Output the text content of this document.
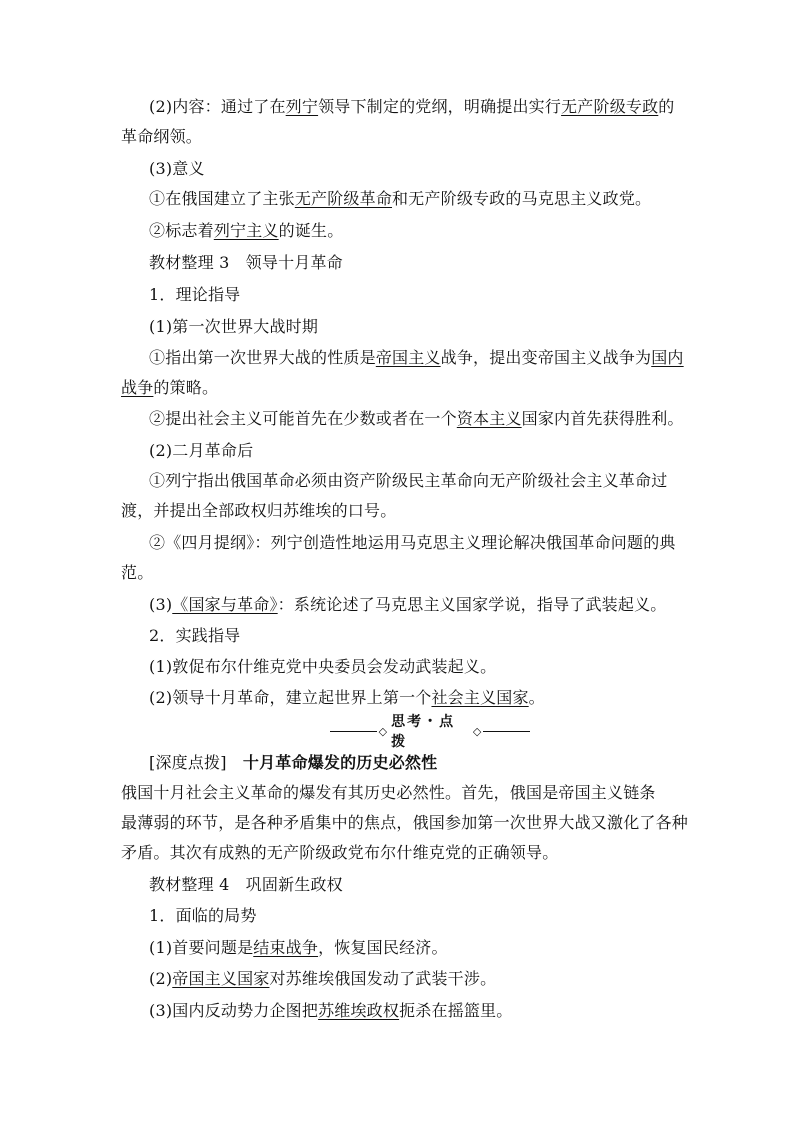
(2)内容：通过了在列宁领导下制定的党纲，明确提出实行无产阶级专政的
革命纲领。
(3)意义
①在俄国建立了主张无产阶级革命和无产阶级专政的马克思主义政党。
②标志着列宁主义的诞生。
教材整理 3　领导十月革命
1．理论指导
(1)第一次世界大战时期
①指出第一次世界大战的性质是帝国主义战争，提出变帝国主义战争为国内
战争的策略。
②提出社会主义可能首先在少数或者在一个资本主义国家内首先获得胜利。
(2)二月革命后
①列宁指出俄国革命必须由资产阶级民主革命向无产阶级社会主义革命过
渡，并提出全部政权归苏维埃的口号。
②《四月提纲》：列宁创造性地运用马克思主义理论解决俄国革命问题的典
范。
(3)《国家与革命》：系统论述了马克思主义国家学说，指导了武装起义。
2．实践指导
(1)敦促布尔什维克党中央委员会发动武装起义。
(2)领导十月革命，建立起世界上第一个社会主义国家。
[深度点拨]　十月革命爆发的历史必然性
俄国十月社会主义革命的爆发有其历史必然性。首先，俄国是帝国主义链条
最薄弱的环节，是各种矛盾集中的焦点，俄国参加第一次世界大战又激化了各种
矛盾。其次有成熟的无产阶级政党布尔什维克党的正确领导。
教材整理 4　巩固新生政权
1．面临的局势
(1)首要问题是结束战争，恢复国民经济。
(2)帝国主义国家对苏维埃俄国发动了武装干涉。
(3)国内反动势力企图把苏维埃政权扼杀在摇篮里。
◇
思考・点拨
◇
